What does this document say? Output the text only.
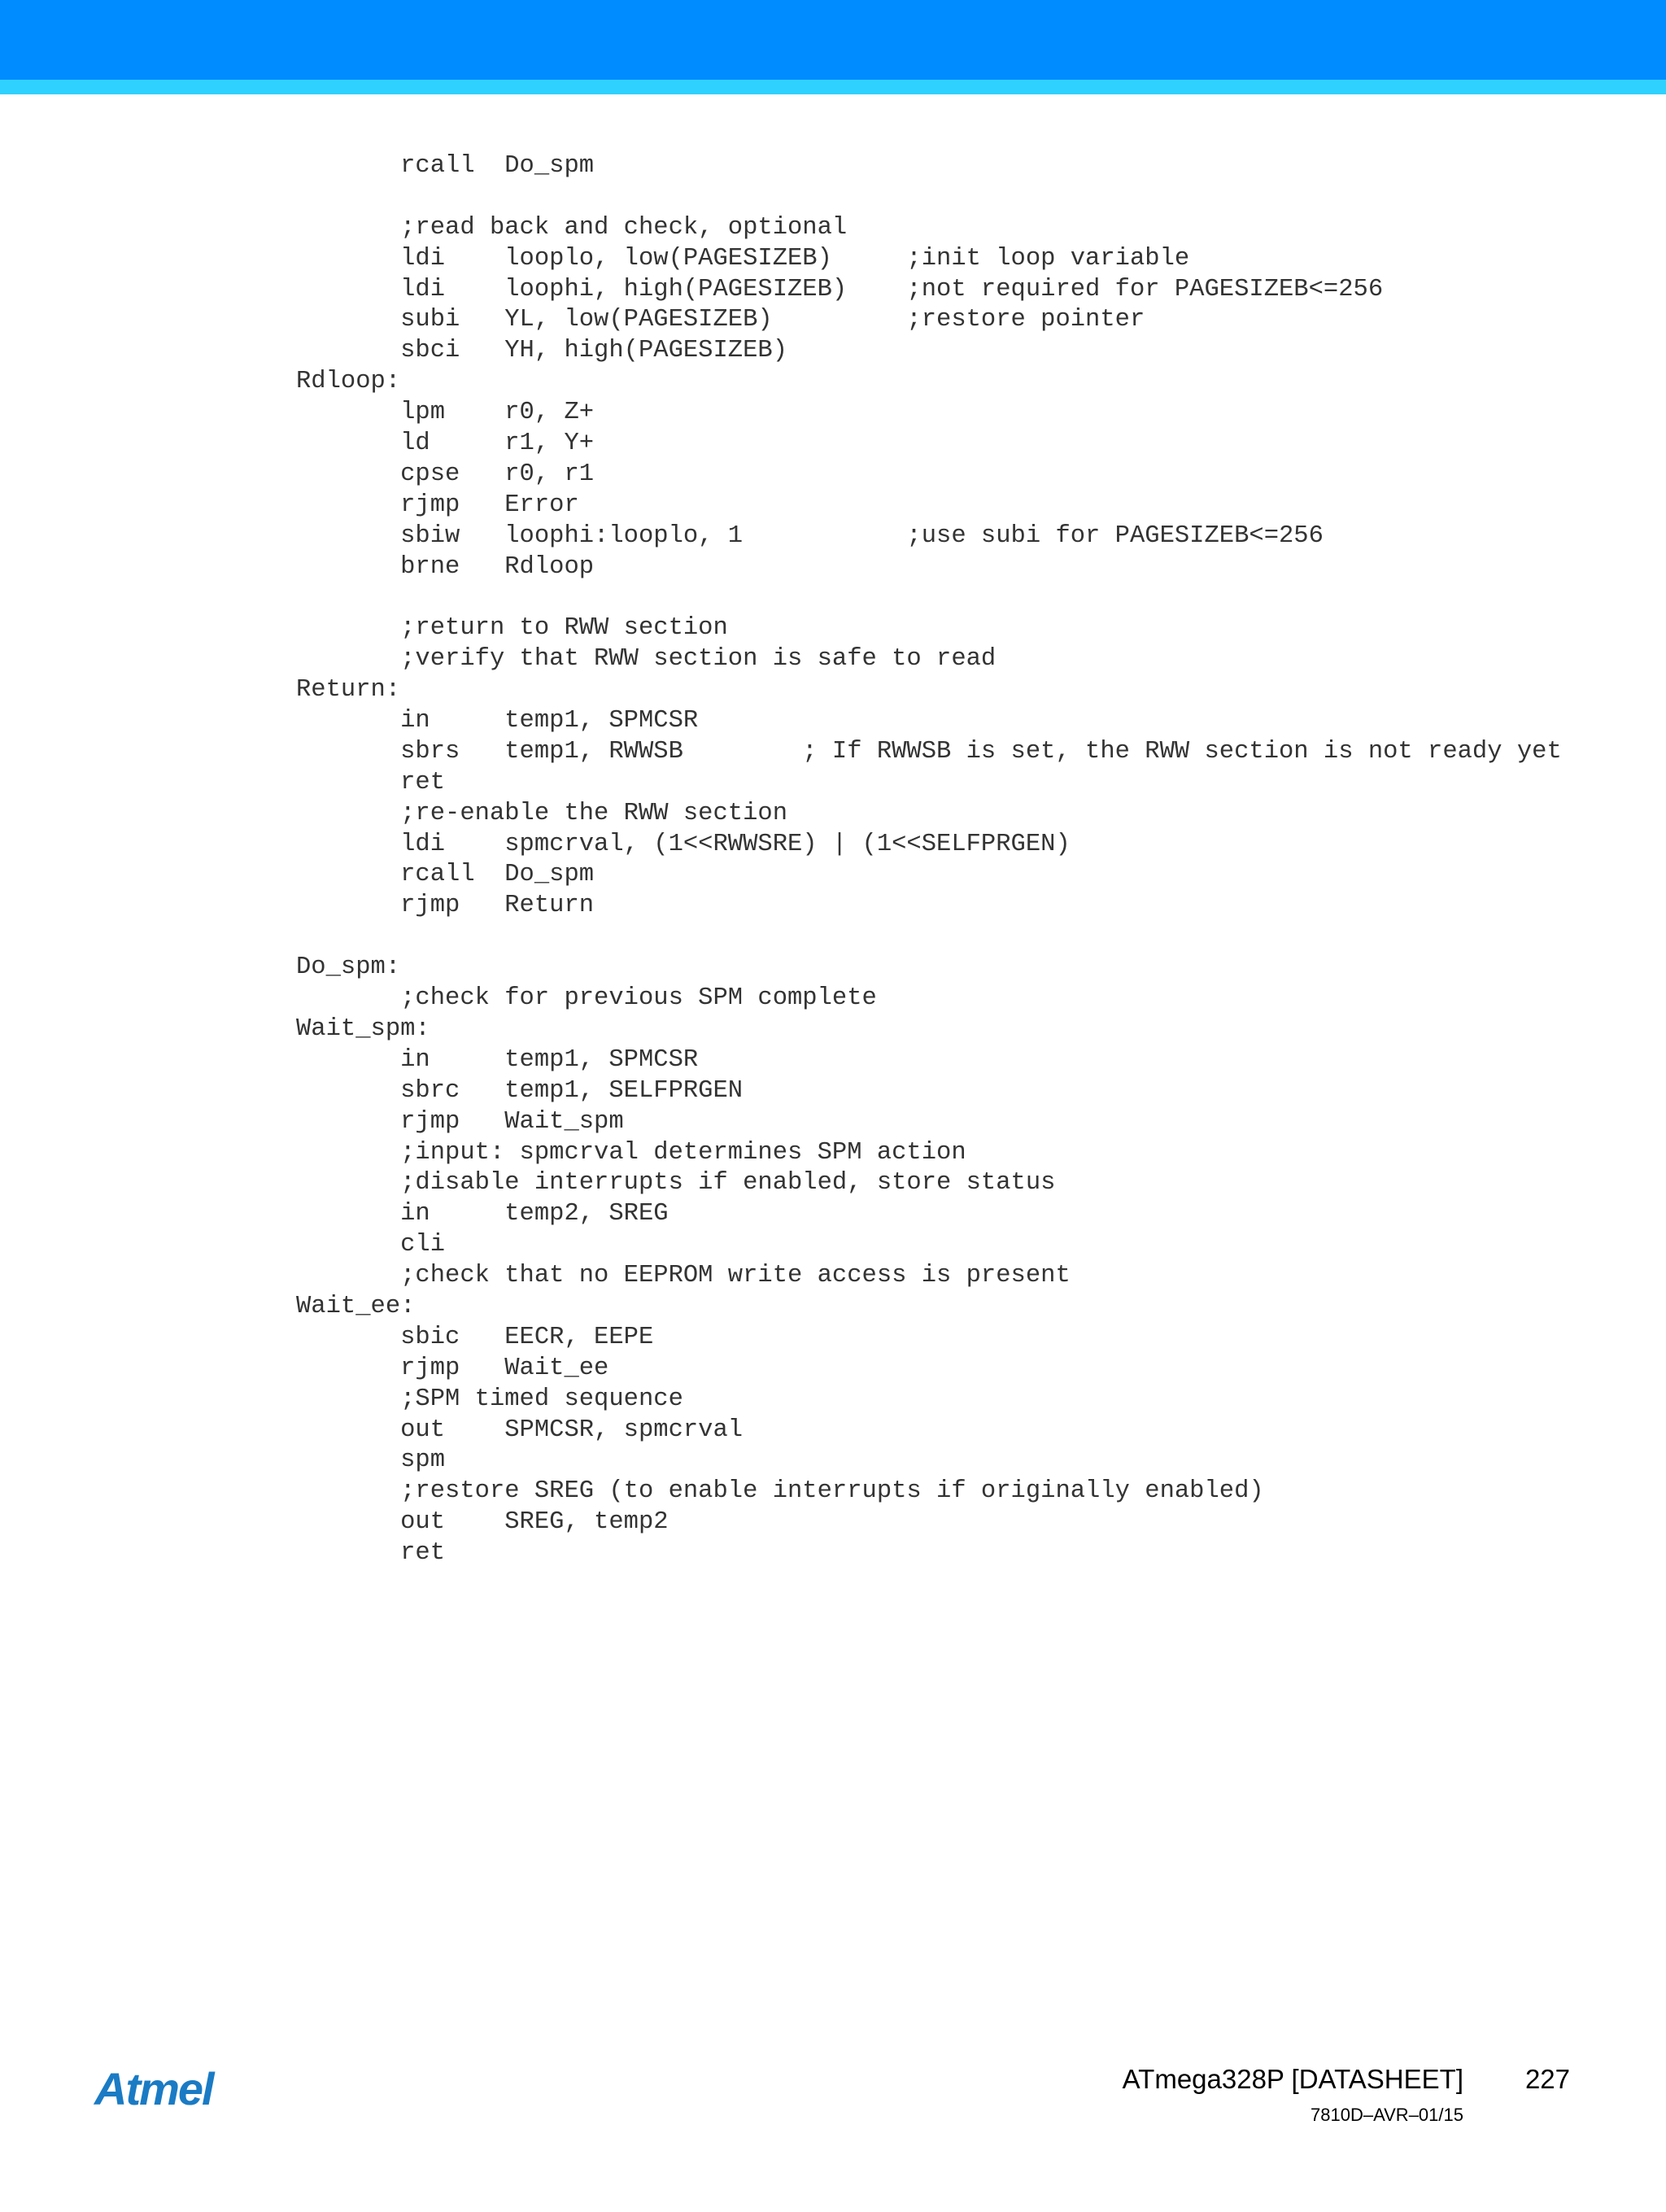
rcall  Do_spm
;read back and check, optional
ldi    looplo, low(PAGESIZEB)     ;init loop variable
ldi    loophi, high(PAGESIZEB)    ;not required for PAGESIZEB<=256
subi   YL, low(PAGESIZEB)         ;restore pointer
sbci   YH, high(PAGESIZEB)
Rdloop:
lpm    r0, Z+
ld     r1, Y+
cpse   r0, r1
rjmp   Error
sbiw   loophi:looplo, 1           ;use subi for PAGESIZEB<=256
brne   Rdloop
;return to RWW section
;verify that RWW section is safe to read
Return:
in     temp1, SPMCSR
sbrs   temp1, RWWSB        ; If RWWSB is set, the RWW section is not ready yet
ret
;re-enable the RWW section
ldi    spmcrval, (1<<RWWSRE) | (1<<SELFPRGEN)
rcall  Do_spm
rjmp   Return
Do_spm:
;check for previous SPM complete
Wait_spm:
in     temp1, SPMCSR
sbrc   temp1, SELFPRGEN
rjmp   Wait_spm
;input: spmcrval determines SPM action
;disable interrupts if enabled, store status
in     temp2, SREG
cli
;check that no EEPROM write access is present
Wait_ee:
sbic   EECR, EEPE
rjmp   Wait_ee
;SPM timed sequence
out    SPMCSR, spmcrval
spm
;restore SREG (to enable interrupts if originally enabled)
out    SREG, temp2
ret
Atmel	ATmega328P [DATASHEET] 227
7810D–AVR–01/15
